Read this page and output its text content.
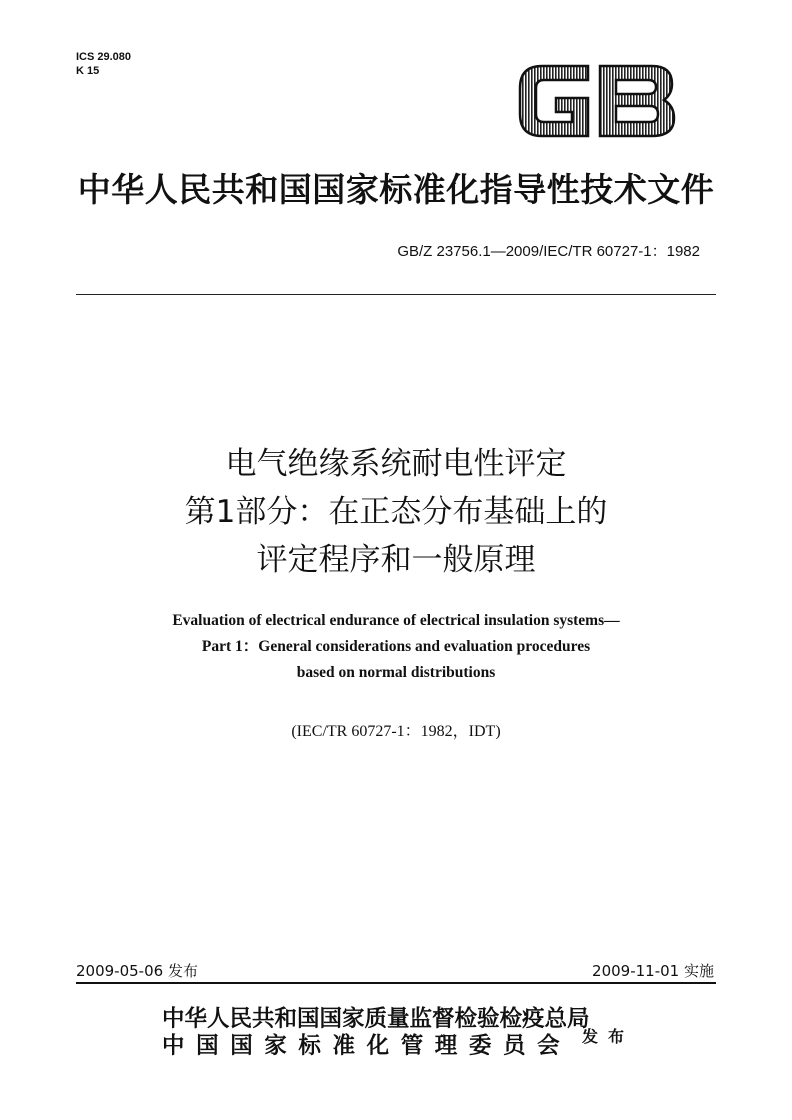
ICS 29.080
K 15
中华人民共和国国家标准化指导性技术文件
GB/Z 23756.1—2009/IEC/TR 60727-1：1982
电气绝缘系统耐电性评定
第1部分：在正态分布基础上的
评定程序和一般原理
Evaluation of electrical endurance of electrical insulation systems—
Part 1：General considerations and evaluation procedures
based on normal distributions
(IEC/TR 60727-1：1982，IDT)
2009-05-06 发布	2009-11-01 实施
中华人民共和国国家质量监督检验检疫总局
中国国家标准化管理委员会 发布
